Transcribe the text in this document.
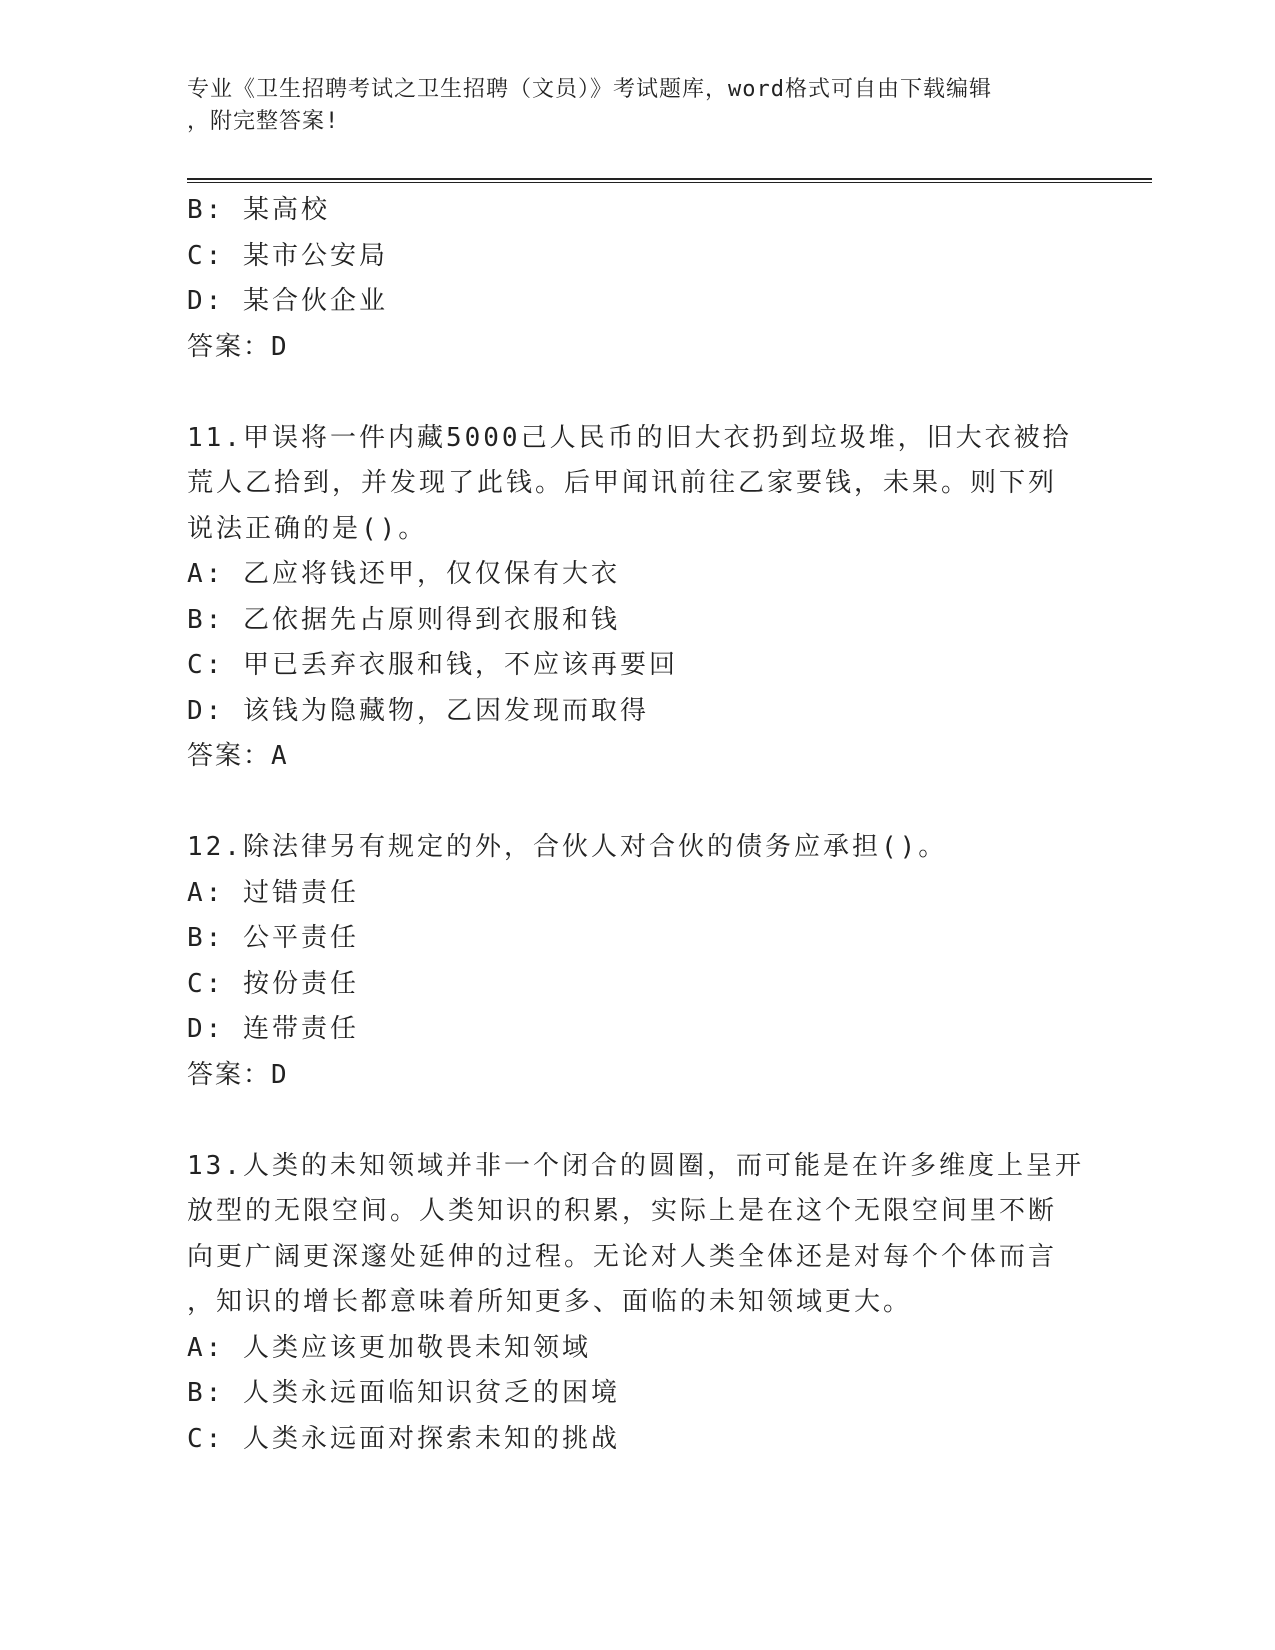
专业《卫生招聘考试之卫生招聘（文员）》考试题库，word格式可自由下载编辑
，附完整答案!
B: 某高校
C: 某市公安局
D: 某合伙企业
答案：D
11.甲误将一件内藏5000己人民币的旧大衣扔到垃圾堆，旧大衣被拾
荒人乙拾到，并发现了此钱。后甲闻讯前往乙家要钱，未果。则下列
说法正确的是()。
A: 乙应将钱还甲，仅仅保有大衣
B: 乙依据先占原则得到衣服和钱
C: 甲已丢弃衣服和钱，不应该再要回
D: 该钱为隐藏物，乙因发现而取得
答案：A
12.除法律另有规定的外，合伙人对合伙的债务应承担()。
A: 过错责任
B: 公平责任
C: 按份责任
D: 连带责任
答案：D
13.人类的未知领域并非一个闭合的圆圈，而可能是在许多维度上呈开
放型的无限空间。人类知识的积累，实际上是在这个无限空间里不断
向更广阔更深邃处延伸的过程。无论对人类全体还是对每个个体而言
，知识的增长都意味着所知更多、面临的未知领域更大。
A: 人类应该更加敬畏未知领域
B: 人类永远面临知识贫乏的困境
C: 人类永远面对探索未知的挑战
